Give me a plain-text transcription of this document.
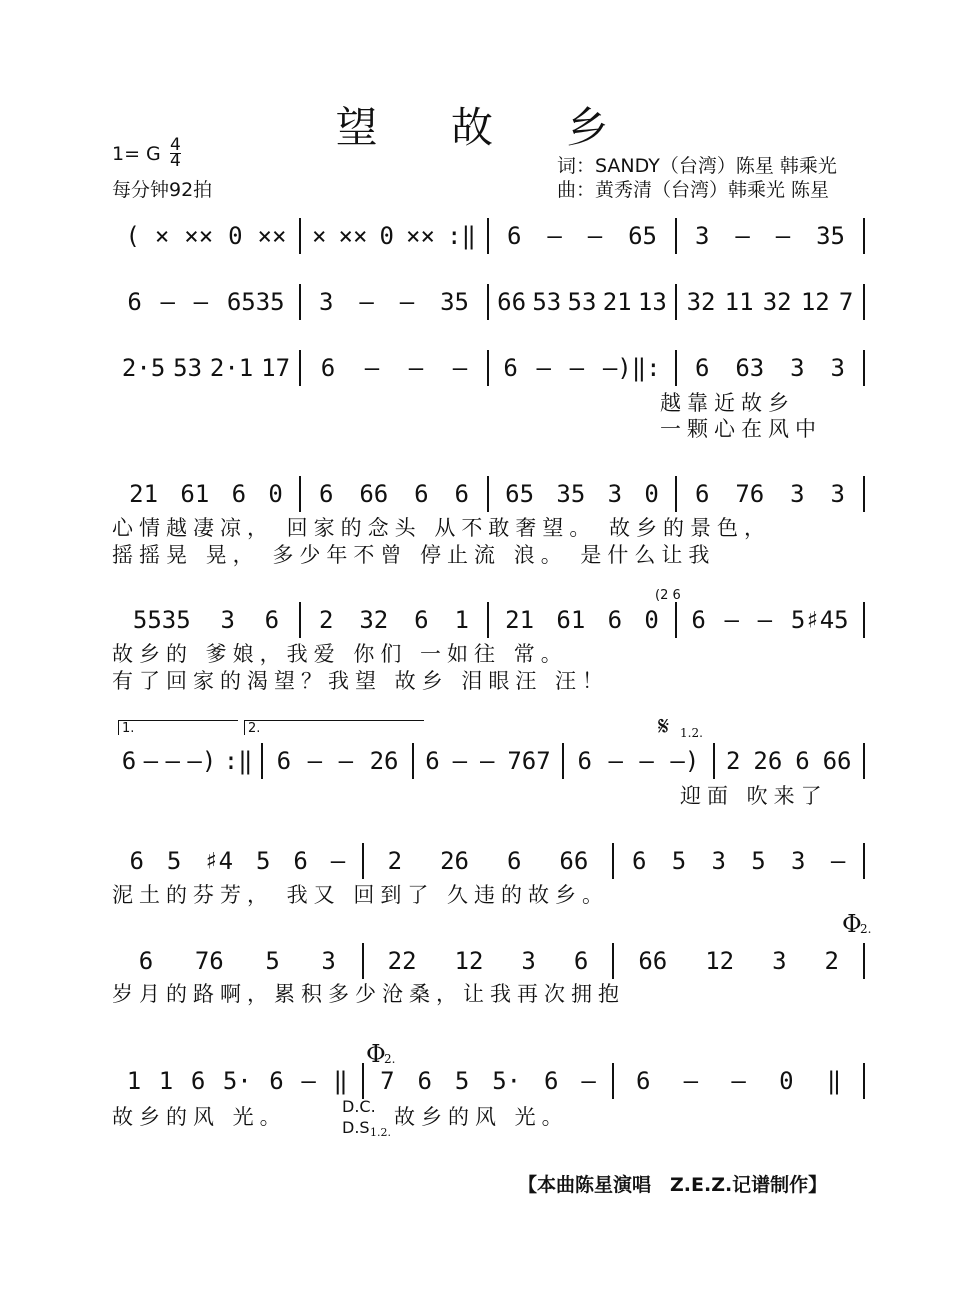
望 故 乡
1= G 4
4
每分钟92拍
词：SANDY（台湾）陈星 韩乘光
曲：黄秀清（台湾）韩乘光 陈星
( × ×× 0 ×× × ×× 0 ×× :‖ 6 – – 65 3 – – 35
6 – – 6535 3 – – 35 66 53 53 21 13 32 11 32 12 7
2·5 53 2·1 17 6 – – – 6 – – –)‖: 6 63 3 3
21 61 6 0 6 66 6 6 65 35 3 0 6 76 3 3
5535 3 6 2 32 6 1 21 61 6 0 6 – – 5♯45
6 – – –) :‖ 6 – – 26 6 – – 767 6 – – –) 2 26 6 66
6 5 ♯4 5 6 – 2 26 6 66 6 5 3 5 3 –
6 76 5 3 22 12 3 6 66 12 3 2
1 1 6 5· 6 – ‖ 7 6 5 5· 6 – 6 – – 0 ‖
越靠近故乡
一颗心在风中
心情越凄凉， 回家的念头 从不敢奢望。 故乡的景色，
摇摇晃 晃， 多少年不曾 停止流 浪。 是什么让我
故乡的 爹娘，我爱 你们 一如往 常。
有了回家的渴望？我望 故乡 泪眼汪 汪！
迎面 吹来了
泥土的芬芳， 我又 回到了 久违的故乡。
岁月的路啊，累积多少沧桑，让我再次拥抱
故乡的风 光。	故乡的风 光。
1.	2.	𝄋 1.2.
Φ
2.
Φ
2.
D.C.
D.S 1.2.
(2 6
【本曲陈星演唱　Z.E.Z.记谱制作】
